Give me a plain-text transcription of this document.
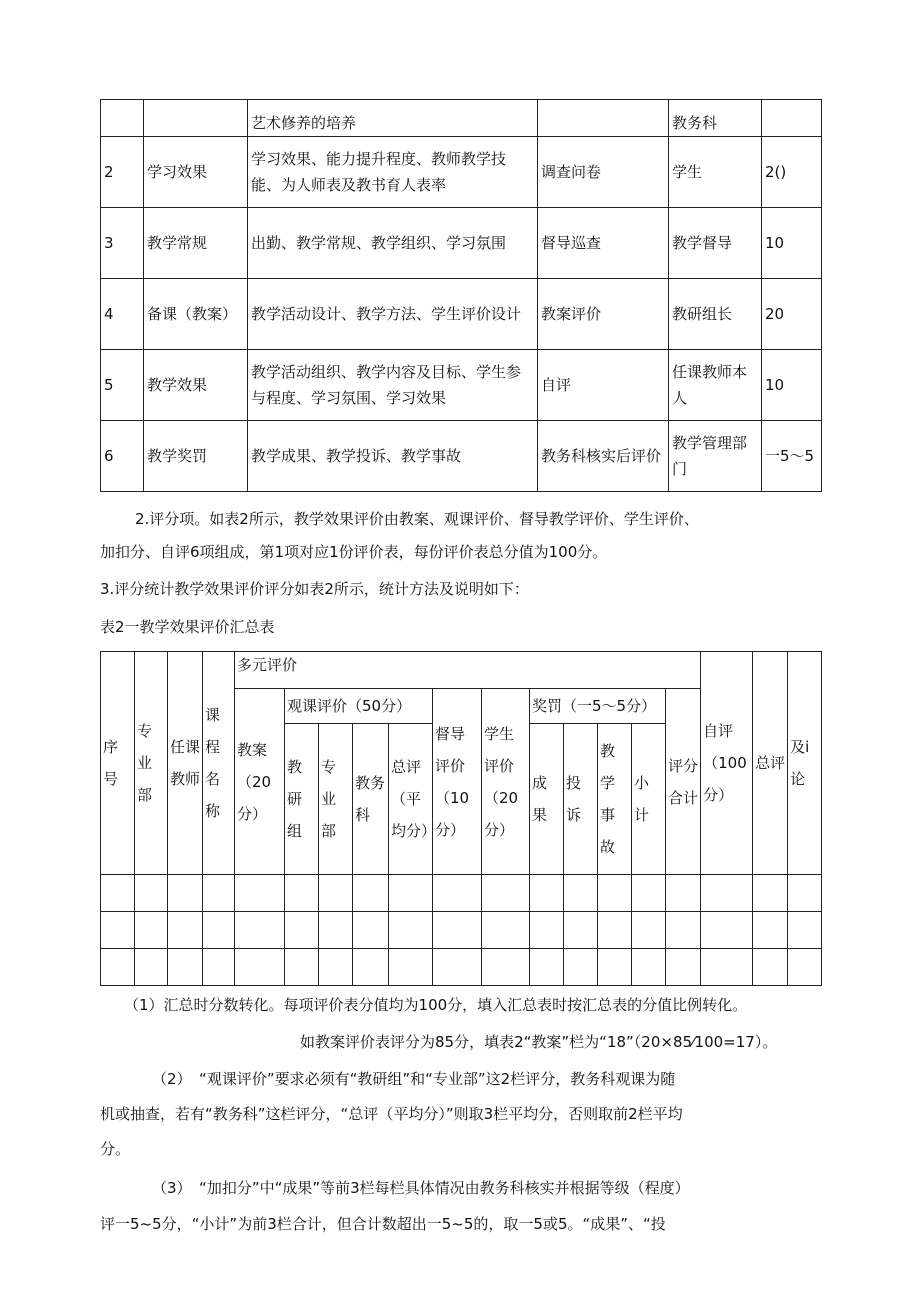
		艺术修养的培养		教务科	
2	学习效果	学习效果、能力提升程度、教师教学技能、为人师表及教书育人表率	调查问卷	学生	2()
3	教学常规	出勤、教学常规、教学组织、学习氛围	督导巡查	教学督导	10
4	备课（教案）	教学活动设计、教学方法、学生评价设计	教案评价	教研组长	20
5	教学效果	教学活动组织、教学内容及目标、学生参与程度、学习氛围、学习效果	自评	任课教师本人	10
6	教学奖罚	教学成果、教学投诉、教学事故	教务科核实后评价	教学管理部门	一5～5
2.评分项。如表2所示，教学效果评价由教案、观课评价、督导教学评价、学生评价、
加扣分、自评6项组成，第1项对应1份评价表，每份评价表总分值为100分。
3.评分统计教学效果评价评分如表2所示，统计方法及说明如下：
表2一教学效果评价汇总表
序号	专业部	任课教师	课程名称	多元评价												自评（100分）	总评	及i论
				教案（20分）	观课评价（50分）				督导评价（10分）	学生评价（20分）	奖罚（一5～5分）				评分合计			
					教研组	专业部	教务科	总评（平均分）			成果	投诉	教学事故	小计				

（1）汇总时分数转化。每项评价表分值均为100分，填入汇总表时按汇总表的分值比例转化。
如教案评价表评分为85分，填表2“教案”栏为“18”（20×85⁄100=17）。
（2）　“观课评价”要求必须有“教研组”和“专业部”这2栏评分，教务科观课为随
机或抽查，若有“教务科”这栏评分，“总评（平均分）”则取3栏平均分，否则取前2栏平均
分。
（3）　“加扣分”中“成果”等前3栏每栏具体情况由教务科核实并根据等级（程度）
评一5~5分，“小计”为前3栏合计，但合计数超出一5~5的，取一5或5。“成果”、“投
